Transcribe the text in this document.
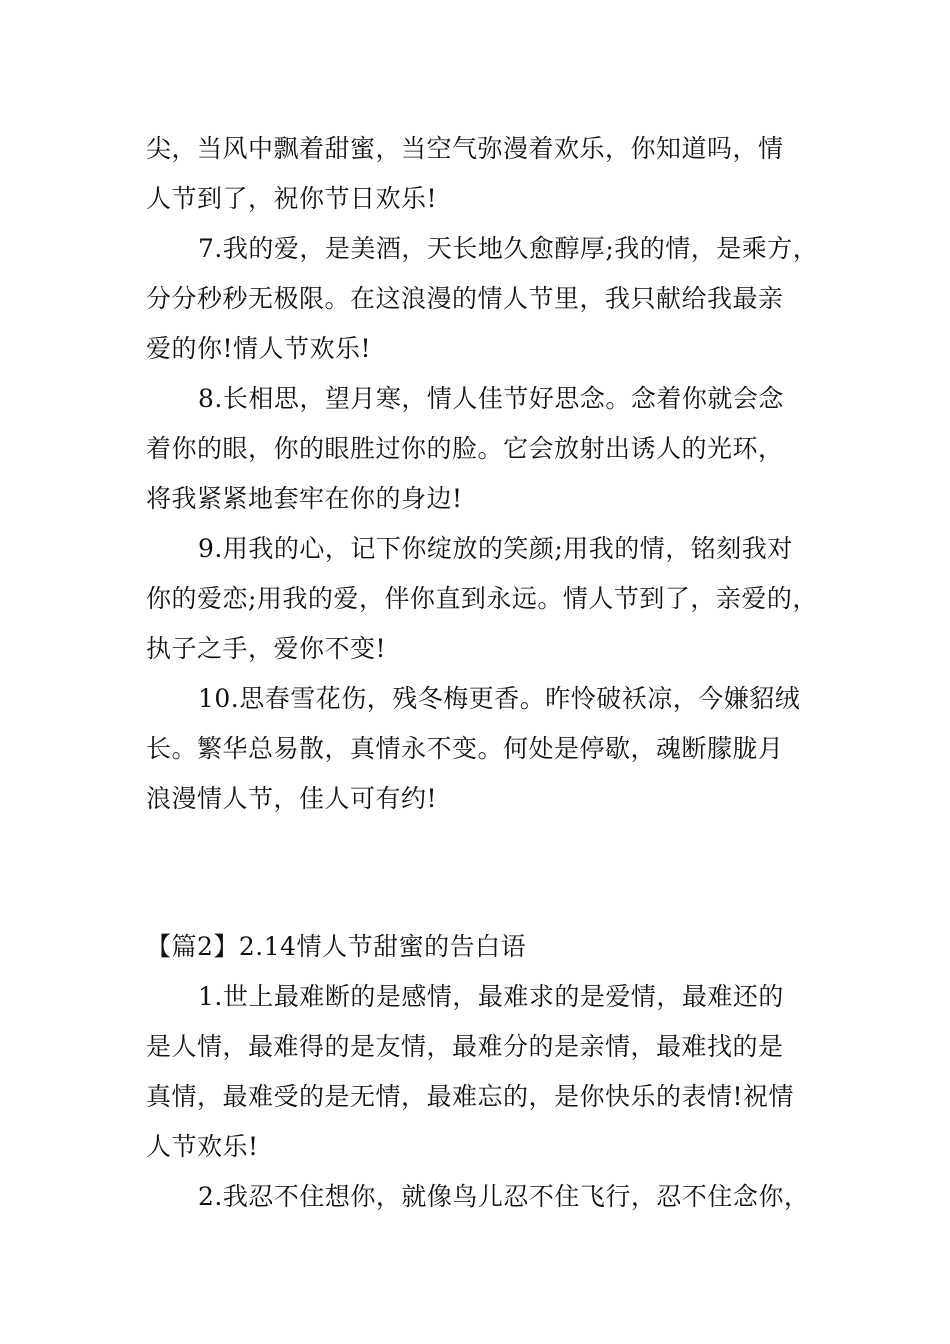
尖，当风中飘着甜蜜，当空气弥漫着欢乐，你知道吗，情
人节到了，祝你节日欢乐!
7.我的爱，是美酒，天长地久愈醇厚;我的情，是乘方，
分分秒秒无极限。在这浪漫的情人节里，我只献给我最亲
爱的你!情人节欢乐!
8.长相思，望月寒，情人佳节好思念。念着你就会念
着你的眼，你的眼胜过你的脸。它会放射出诱人的光环，
将我紧紧地套牢在你的身边!
9.用我的心，记下你绽放的笑颜;用我的情，铭刻我对
你的爱恋;用我的爱，伴你直到永远。情人节到了，亲爱的，
执子之手，爱你不变!
10.思春雪花伤，残冬梅更香。昨怜破袄凉，今嫌貂绒
长。繁华总易散，真情永不变。何处是停歇，魂断朦胧月
浪漫情人节，佳人可有约!
【篇2】2.14情人节甜蜜的告白语
1.世上最难断的是感情，最难求的是爱情，最难还的
是人情，最难得的是友情，最难分的是亲情，最难找的是
真情，最难受的是无情，最难忘的，是你快乐的表情!祝情
人节欢乐!
2.我忍不住想你，就像鸟儿忍不住飞行，忍不住念你，
